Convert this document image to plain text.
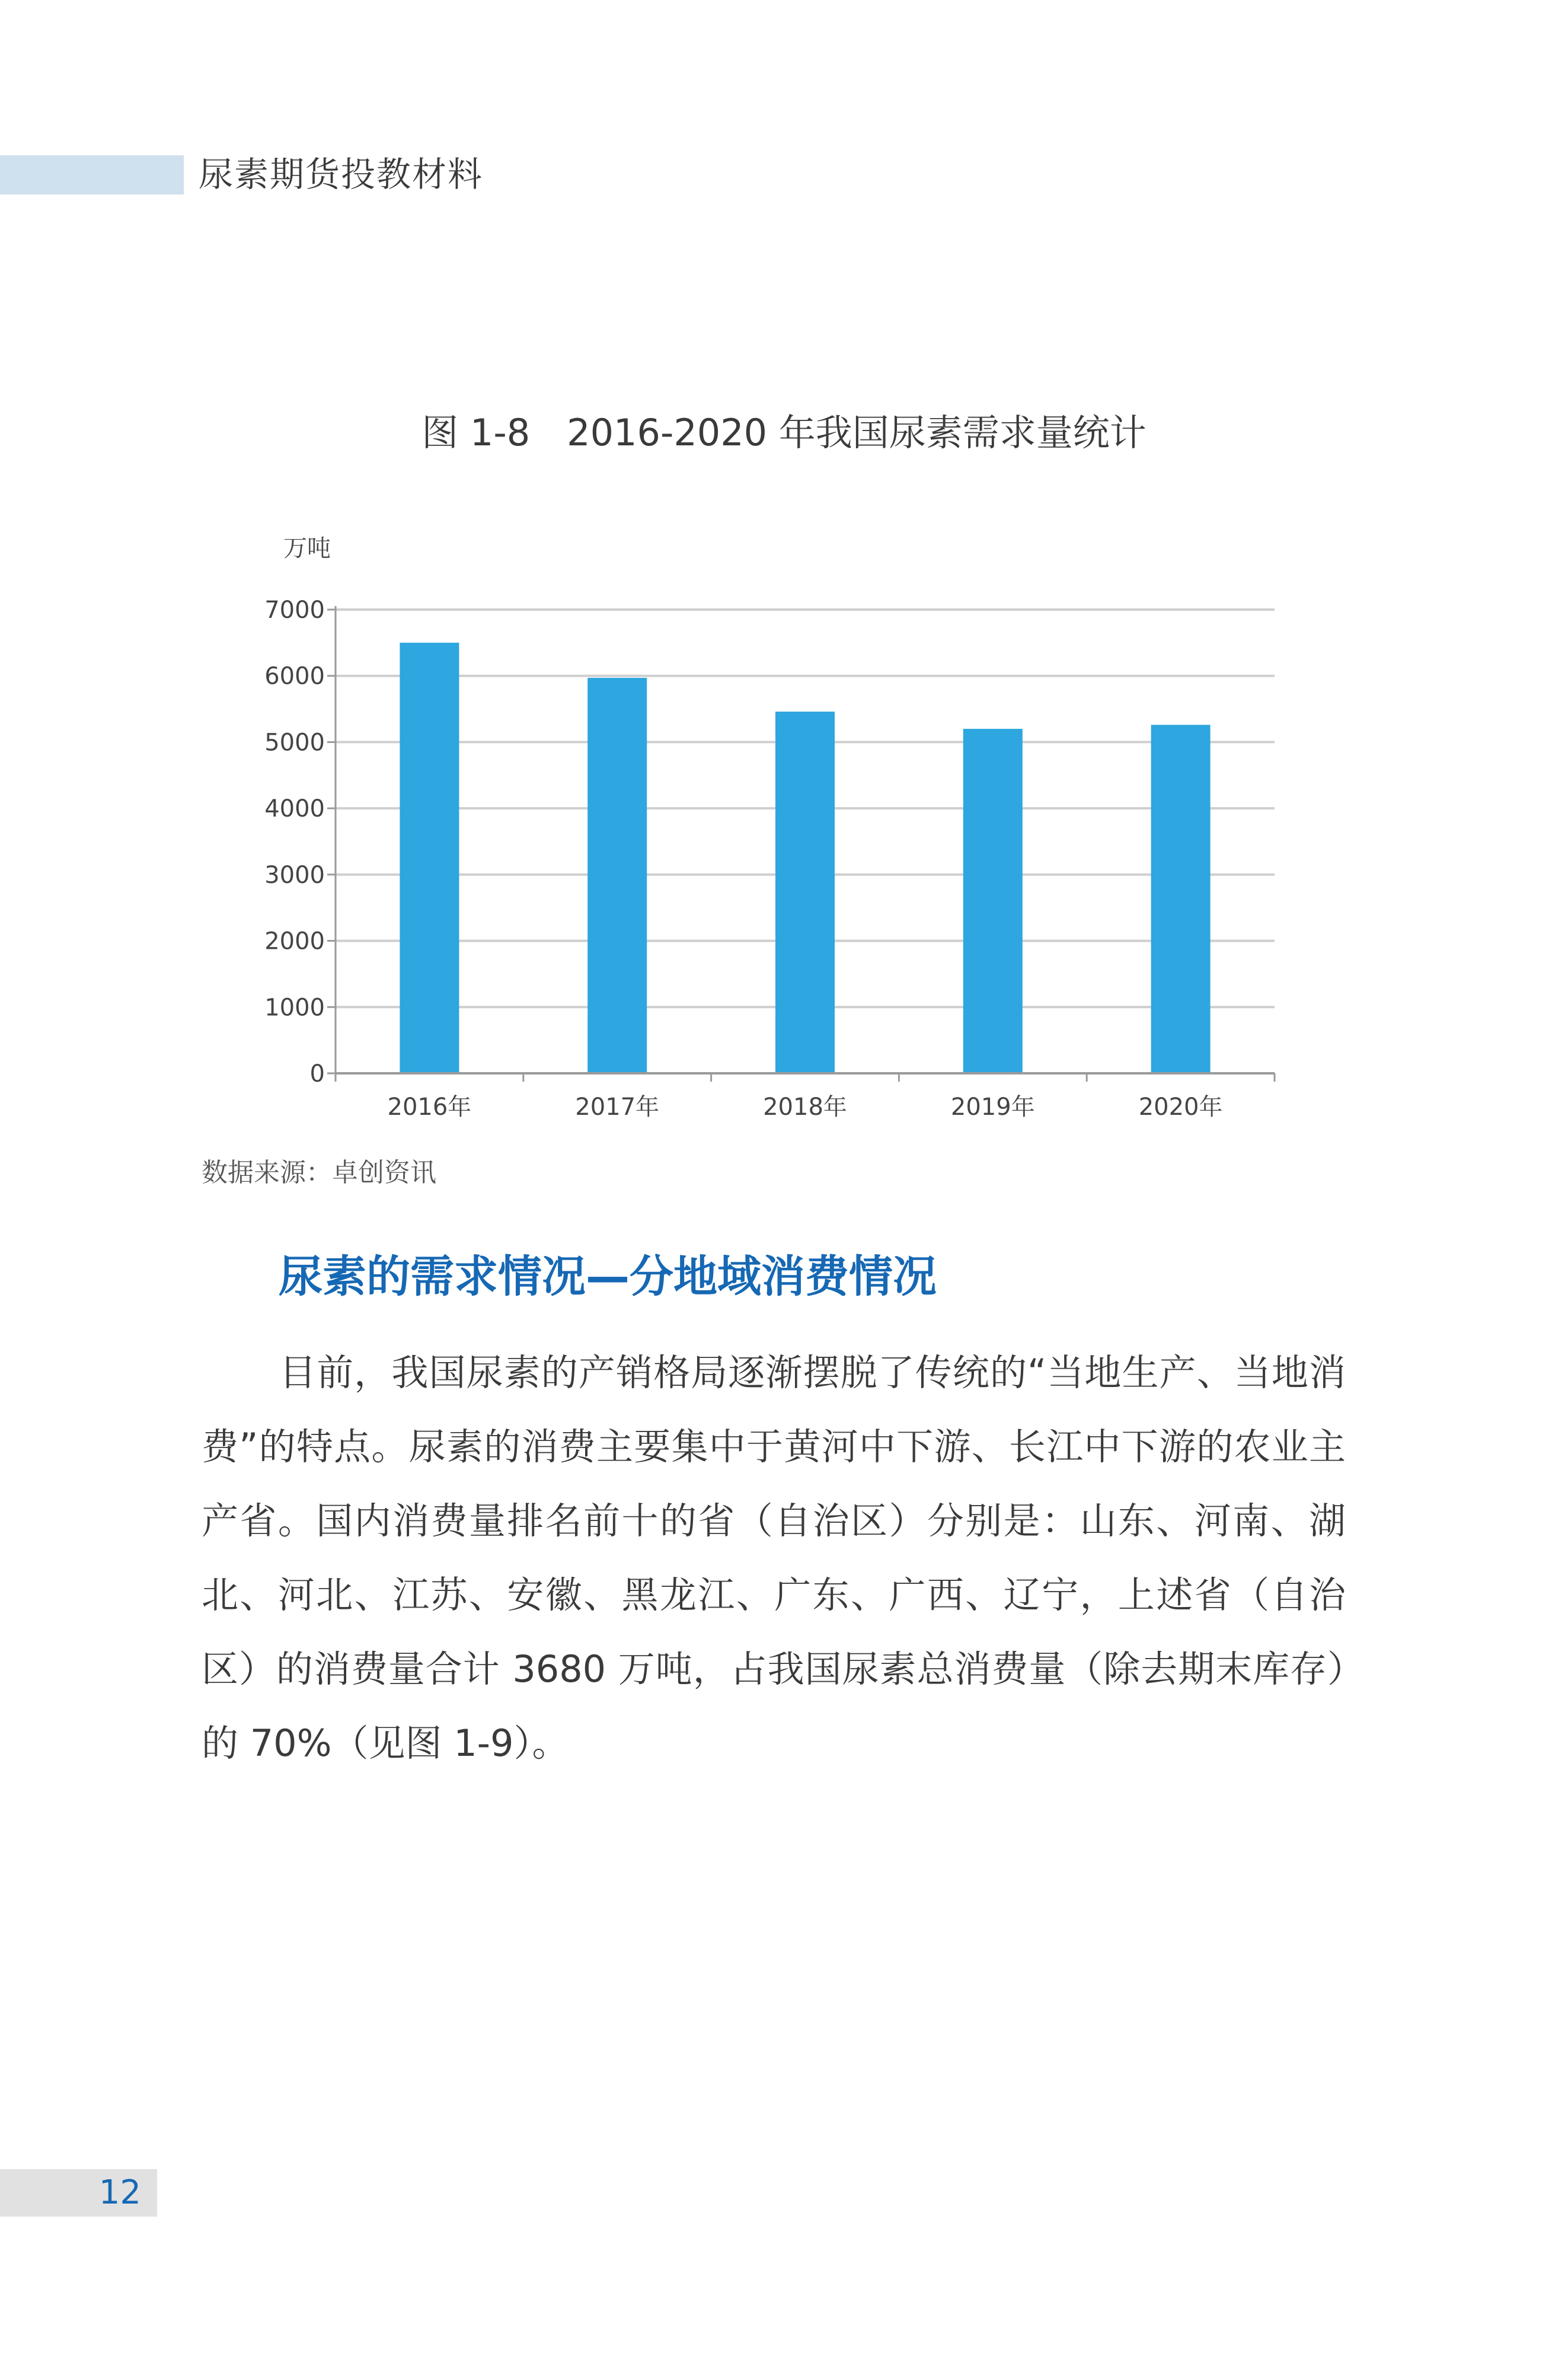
尿素期货投教材料
图 1-8　2016-2020 年我国尿素需求量统计
万吨
0
1000
2000
3000
4000
5000
6000
7000
2016年	2017年	2018年	2019年	2020年
数据来源：卓创资讯
尿素的需求情况—分地域消费情况
目前，我国尿素的产销格局逐渐摆脱了传统的“当地生产、当地消费”的特点。尿素的消费主要集中于黄河中下游、长江中下游的农业主产省。国内消费量排名前十的省（自治区）分别是：山东、河南、湖北、河北、江苏、安徽、黑龙江、广东、广西、辽宁，上述省（自治区）的消费量合计 3680 万吨，占我国尿素总消费量（除去期末库存）的 70%（见图 1-9）。
12
